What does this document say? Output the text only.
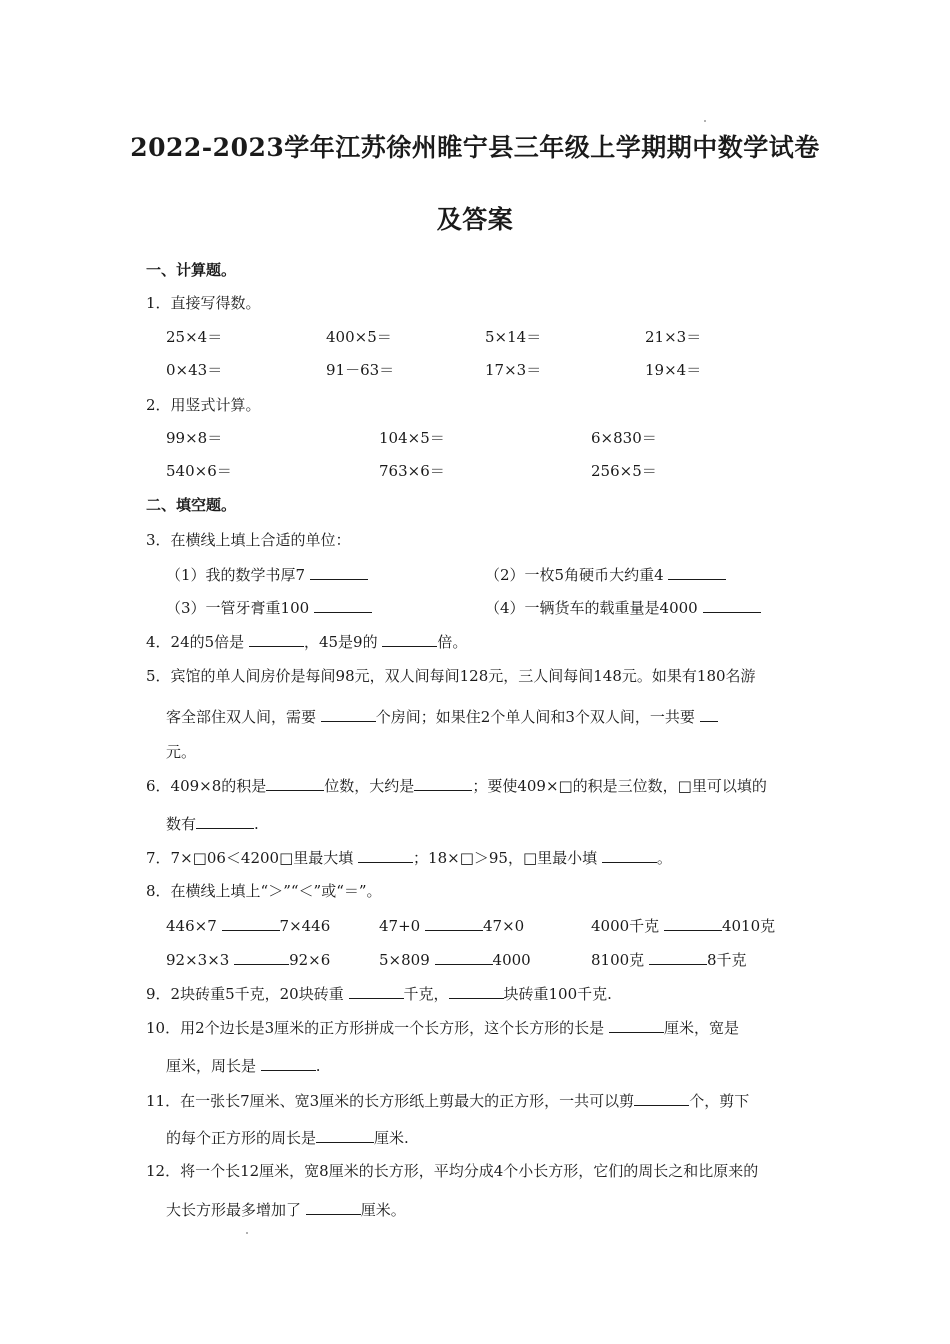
2022-2023学年江苏徐州睢宁县三年级上学期期中数学试卷
及答案
一、计算题。
1．直接写得数。
25×4＝	400×5＝	5×14＝	21×3＝
0×43＝	91－63＝	17×3＝	19×4＝
2．用竖式计算。
99×8＝	104×5＝	6×830＝
540×6＝	763×6＝	256×5＝
二、填空题。
3．在横线上填上合适的单位：
（1）我的数学书厚7	（2）一枚5角硬币大约重4
（3）一管牙膏重100	（4）一辆货车的载重量是4000
4．24的5倍是	，45是9的	倍。
5．宾馆的单人间房价是每间98元，双人间每间128元，三人间每间148元。如果有180名游
客全部住双人间，需要	个房间；如果住2个单人间和3个双人间，一共要
元。
6．409×8的积是	位数，大约是	；要使409×□的积是三位数，□里可以填的
数有	.
7．7×□06＜4200□里最大填	；18×□＞95，□里最小填	。
8．在横线上填上“＞”“＜”或“＝”。
446×7	7×446	47+0	47×0	4000千克	4010克
92×3×3	92×6	5×809	4000	8100克	8千克
9．2块砖重5千克，20块砖重	千克，	块砖重100千克.
10．用2个边长是3厘米的正方形拼成一个长方形，这个长方形的长是	厘米，宽是
厘米，周长是	.
11．在一张长7厘米、宽3厘米的长方形纸上剪最大的正方形，一共可以剪	个，剪下
的每个正方形的周长是	厘米.
12．将一个长12厘米，宽8厘米的长方形，平均分成4个小长方形，它们的周长之和比原来的
大长方形最多增加了	厘米。
